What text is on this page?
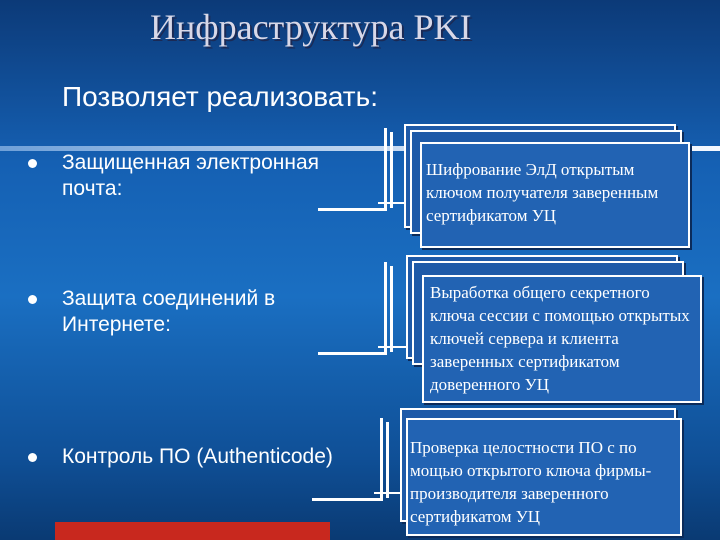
Инфраструктура PKI
Позволяет реализовать:
Защищенная электронная почта:
Защита соединений в Интернете:
Контроль ПО (Authenticode)
Шифрование ЭлД открытым ключом получателя заверенным сертификатом УЦ
Выработка общего секретного ключа сессии с помощью открытых ключей сервера и клиента заверенных сертификатом доверенного УЦ
Проверка целостности ПО с по мощью открытого ключа фирмы-производителя заверенного сертификатом УЦ
